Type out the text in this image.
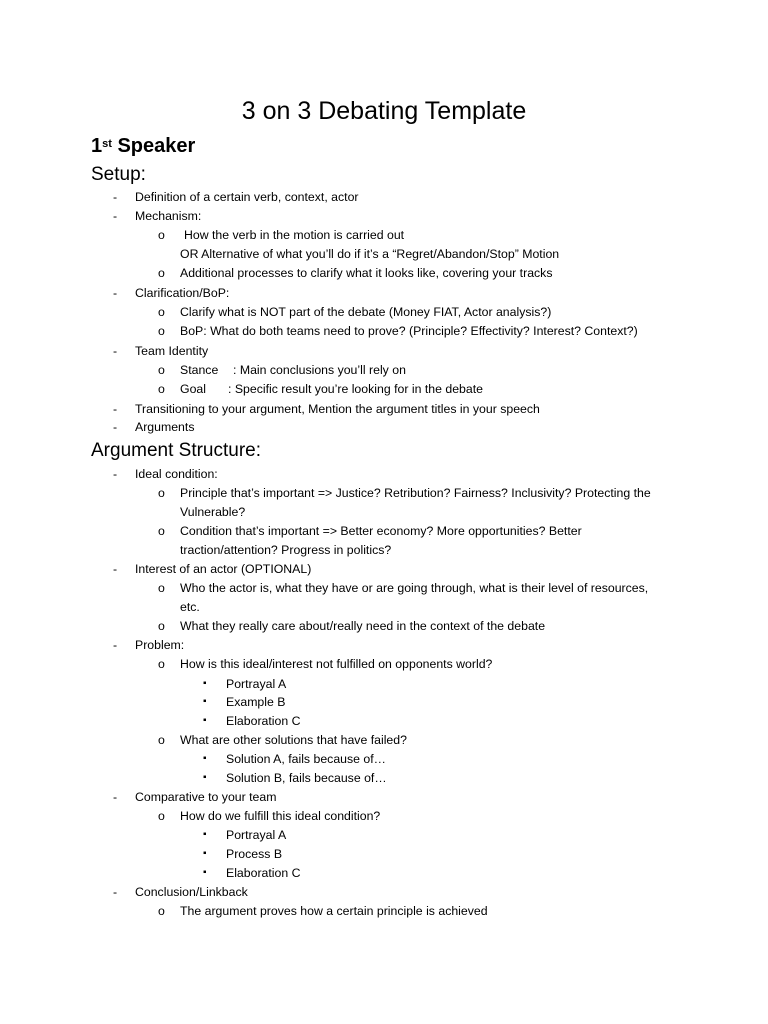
3 on 3 Debating Template
1st Speaker
Setup:
- Definition of a certain verb, context, actor
- Mechanism:
o How the verb in the motion is carried out
OR Alternative of what you’ll do if it’s a “Regret/Abandon/Stop” Motion
o Additional processes to clarify what it looks like, covering your tracks
- Clarification/BoP:
o Clarify what is NOT part of the debate (Money FIAT, Actor analysis?)
o BoP: What do both teams need to prove? (Principle? Effectivity? Interest? Context?)
- Team Identity
o Stance : Main conclusions you’ll rely on
o Goal : Specific result you’re looking for in the debate
- Transitioning to your argument, Mention the argument titles in your speech
- Arguments
Argument Structure:
- Ideal condition:
o Principle that’s important => Justice? Retribution? Fairness? Inclusivity? Protecting the
Vulnerable?
o Condition that’s important => Better economy? More opportunities? Better
traction/attention? Progress in politics?
- Interest of an actor (OPTIONAL)
o Who the actor is, what they have or are going through, what is their level of resources,
etc.
o What they really care about/really need in the context of the debate
- Problem:
o How is this ideal/interest not fulfilled on opponents world?
▪ Portrayal A
▪ Example B
▪ Elaboration C
o What are other solutions that have failed?
▪ Solution A, fails because of…
▪ Solution B, fails because of…
- Comparative to your team
o How do we fulfill this ideal condition?
▪ Portrayal A
▪ Process B
▪ Elaboration C
- Conclusion/Linkback
o The argument proves how a certain principle is achieved
